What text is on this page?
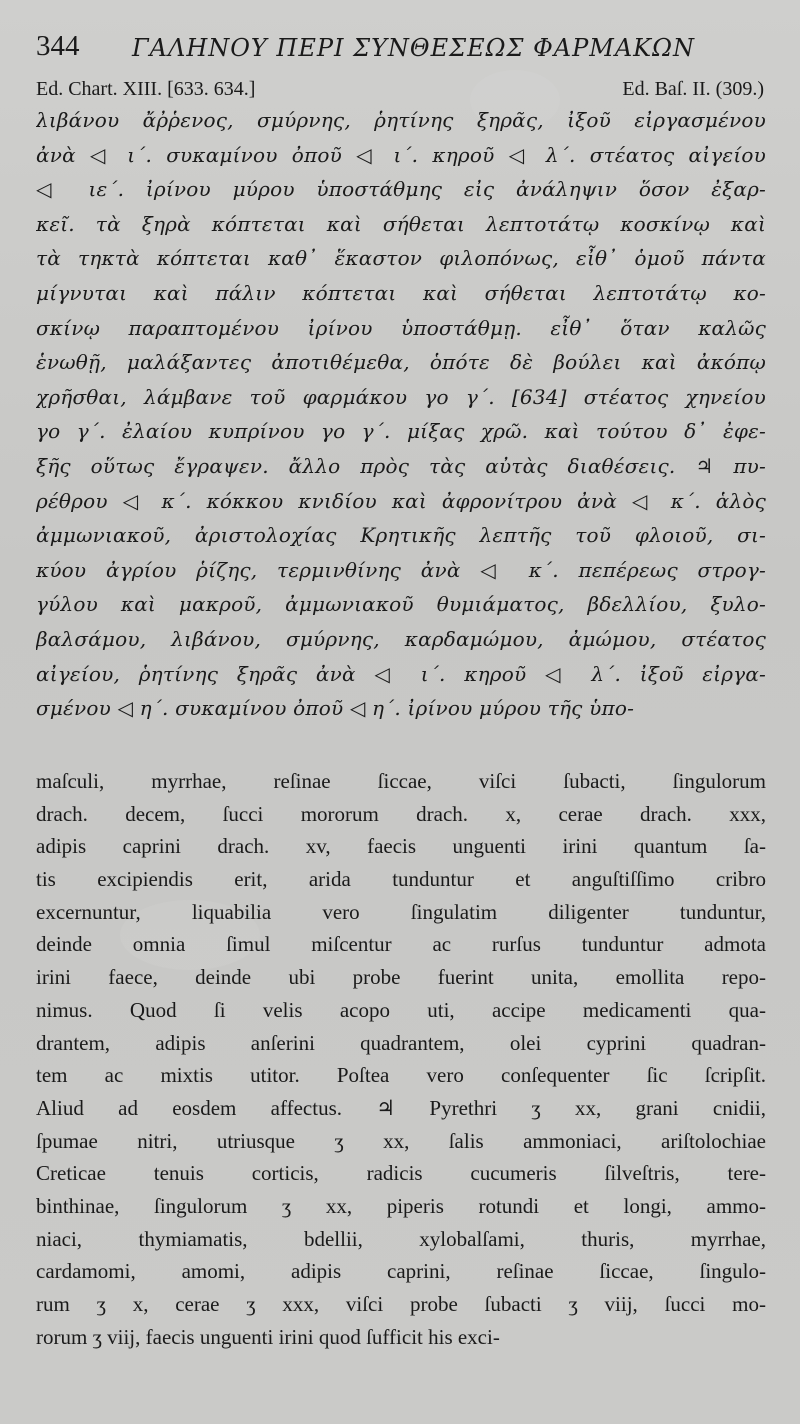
344 ΓΑΛΗΝΟΥ ΠΕΡΙ ΣΥΝΘΕΣΕΩΣ ΦΑΡΜΑΚΩΝ
Ed. Chart. XIII. [633. 634.]	Ed. Baſ. II. (309.)
λιβάνου ἄῤῥενος, σμύρνης, ῥητίνης ξηρᾶς, ἰξοῦ εἰργασμένου
ἀνὰ ◁ ι΄. συκαμίνου ὀποῦ ◁ ι΄. κηροῦ ◁ λ΄. στέατος αἰγείου
◁ ιε΄. ἰρίνου μύρου ὑποστάθμης εἰς ἀνάληψιν ὅσον ἐξαρ-
κεῖ. τὰ ξηρὰ κόπτεται καὶ σήθεται λεπτοτάτῳ κοσκίνῳ καὶ
τὰ τηκτὰ κόπτεται καθ᾽ ἕκαστον φιλοπόνως, εἶθ᾽ ὁμοῦ πάντα
μίγνυται καὶ πάλιν κόπτεται καὶ σήθεται λεπτοτάτῳ κο-
σκίνῳ παραπτομένου ἰρίνου ὑποστάθμῃ. εἶθ᾽ ὅταν καλῶς
ἑνωθῇ, μαλάξαντες ἀποτιθέμεθα, ὁπότε δὲ βούλει καὶ ἀκόπῳ
χρῆσθαι, λάμβανε τοῦ φαρμάκου γο γ΄. [634] στέατος χηνείου
γο γ΄. ἐλαίου κυπρίνου γο γ΄. μίξας χρῶ. καὶ τούτου δ᾽ ἐφε-
ξῆς οὕτως ἔγραψεν. ἄλλο πρὸς τὰς αὐτὰς διαθέσεις. ♃ πυ-
ρέθρου ◁ κ΄. κόκκου κνιδίου καὶ ἀφρονίτρου ἀνὰ ◁ κ΄. ἁλὸς
ἀμμωνιακοῦ, ἀριστολοχίας Κρητικῆς λεπτῆς τοῦ φλοιοῦ, σι-
κύου ἀγρίου ῥίζης, τερμινθίνης ἀνὰ ◁ κ΄. πεπέρεως στρογ-
γύλου καὶ μακροῦ, ἀμμωνιακοῦ θυμιάματος, βδελλίου, ξυλο-
βαλσάμου, λιβάνου, σμύρνης, καρδαμώμου, ἀμώμου, στέατος
αἰγείου, ῥητίνης ξηρᾶς ἀνὰ ◁ ι΄. κηροῦ ◁ λ΄. ἰξοῦ εἰργα-
σμένου ◁ η΄. συκαμίνου ὀποῦ ◁ η΄. ἰρίνου μύρου τῆς ὑπο-
maſculi, myrrhae, reſinae ſiccae, viſci ſubacti, ſingulorum
drach. decem, ſucci mororum drach. x, cerae drach. xxx,
adipis caprini drach. xv, faecis unguenti irini quantum ſa-
tis excipiendis erit, arida tunduntur et anguſtiſſimo cribro
excernuntur, liquabilia vero ſingulatim diligenter tunduntur,
deinde omnia ſimul miſcentur ac rurſus tunduntur admota
irini faece, deinde ubi probe fuerint unita, emollita repo-
nimus. Quod ſi velis acopo uti, accipe medicamenti qua-
drantem, adipis anſerini quadrantem, olei cyprini quadran-
tem ac mixtis utitor. Poſtea vero conſequenter ſic ſcripſit.
Aliud ad eosdem affectus. ♃ Pyrethri ʒ xx, grani cnidii,
ſpumae nitri, utriusque ʒ xx, ſalis ammoniaci, ariſtolochiae
Creticae tenuis corticis, radicis cucumeris ſilveſtris, tere-
binthinae, ſingulorum ʒ xx, piperis rotundi et longi, ammo-
niaci, thymiamatis, bdellii, xylobalſami, thuris, myrrhae,
cardamomi, amomi, adipis caprini, reſinae ſiccae, ſingulo-
rum ʒ x, cerae ʒ xxx, viſci probe ſubacti ʒ viij, ſucci mo-
rorum ʒ viij, faecis unguenti irini quod ſufficit his exci-
